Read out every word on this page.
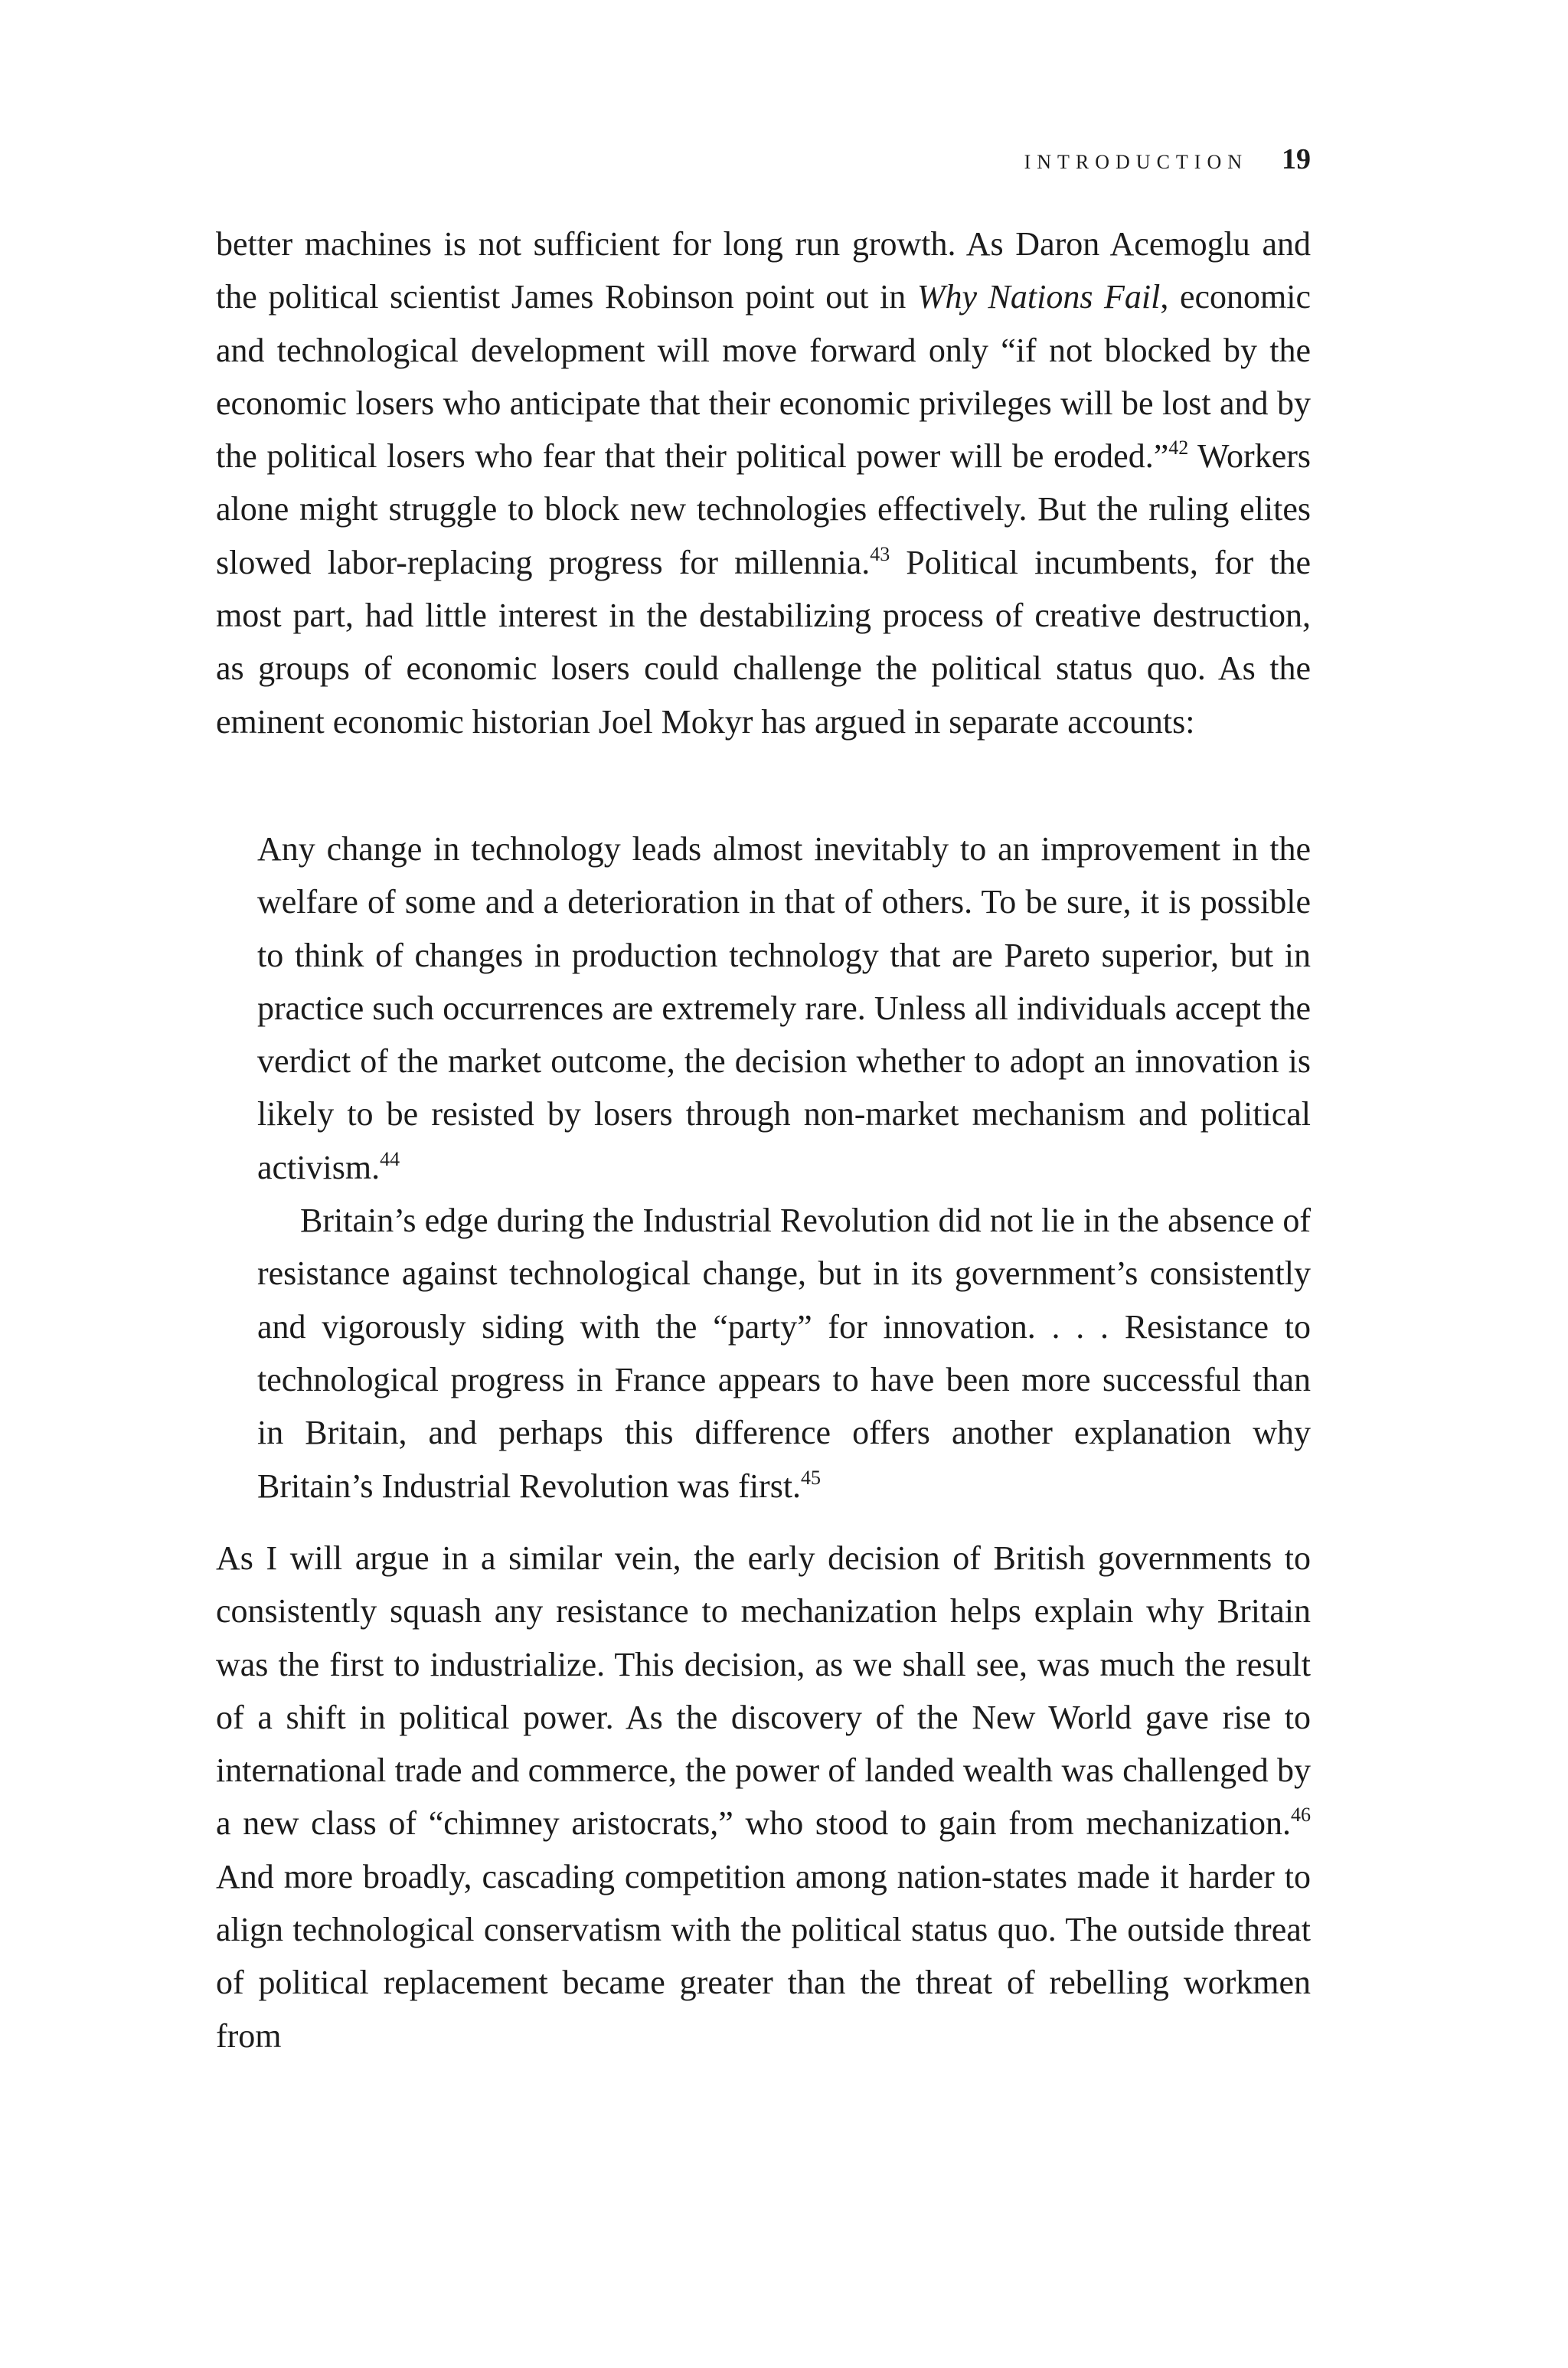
INTRODUCTION 19

better machines is not sufficient for long run growth. As Daron Acemoglu and the political scientist James Robinson point out in Why Nations Fail, economic and technological development will move forward only “if not blocked by the economic losers who anticipate that their economic privileges will be lost and by the political losers who fear that their political power will be eroded.”$^{42}$ Workers alone might struggle to block new technologies effectively. But the ruling elites slowed labor-replacing progress for millennia.$^{43}$ Political incumbents, for the most part, had little interest in the destabilizing process of creative destruction, as groups of economic losers could challenge the political status quo. As the eminent economic historian Joel Mokyr has argued in separate accounts:

Any change in technology leads almost inevitably to an improvement in the welfare of some and a deterioration in that of others. To be sure, it is possible to think of changes in production technology that are Pareto superior, but in practice such occurrences are extremely rare. Unless all individuals accept the verdict of the market outcome, the decision whether to adopt an innovation is likely to be resisted by losers through non-market mechanism and political activism.$^{44}$

Britain’s edge during the Industrial Revolution did not lie in the absence of resistance against technological change, but in its government’s consistently and vigorously siding with the “party” for innovation. . . . Resistance to technological progress in France appears to have been more successful than in Britain, and perhaps this difference offers another explanation why Britain’s Industrial Revolution was first.$^{45}$

As I will argue in a similar vein, the early decision of British governments to consistently squash any resistance to mechanization helps explain why Britain was the first to industrialize. This decision, as we shall see, was much the result of a shift in political power. As the discovery of the New World gave rise to international trade and commerce, the power of landed wealth was challenged by a new class of “chimney aristocrats,” who stood to gain from mechanization.$^{46}$ And more broadly, cascading competition among nation-states made it harder to align technological conservatism with the political status quo. The outside threat of political replacement became greater than the threat of rebelling workmen from
